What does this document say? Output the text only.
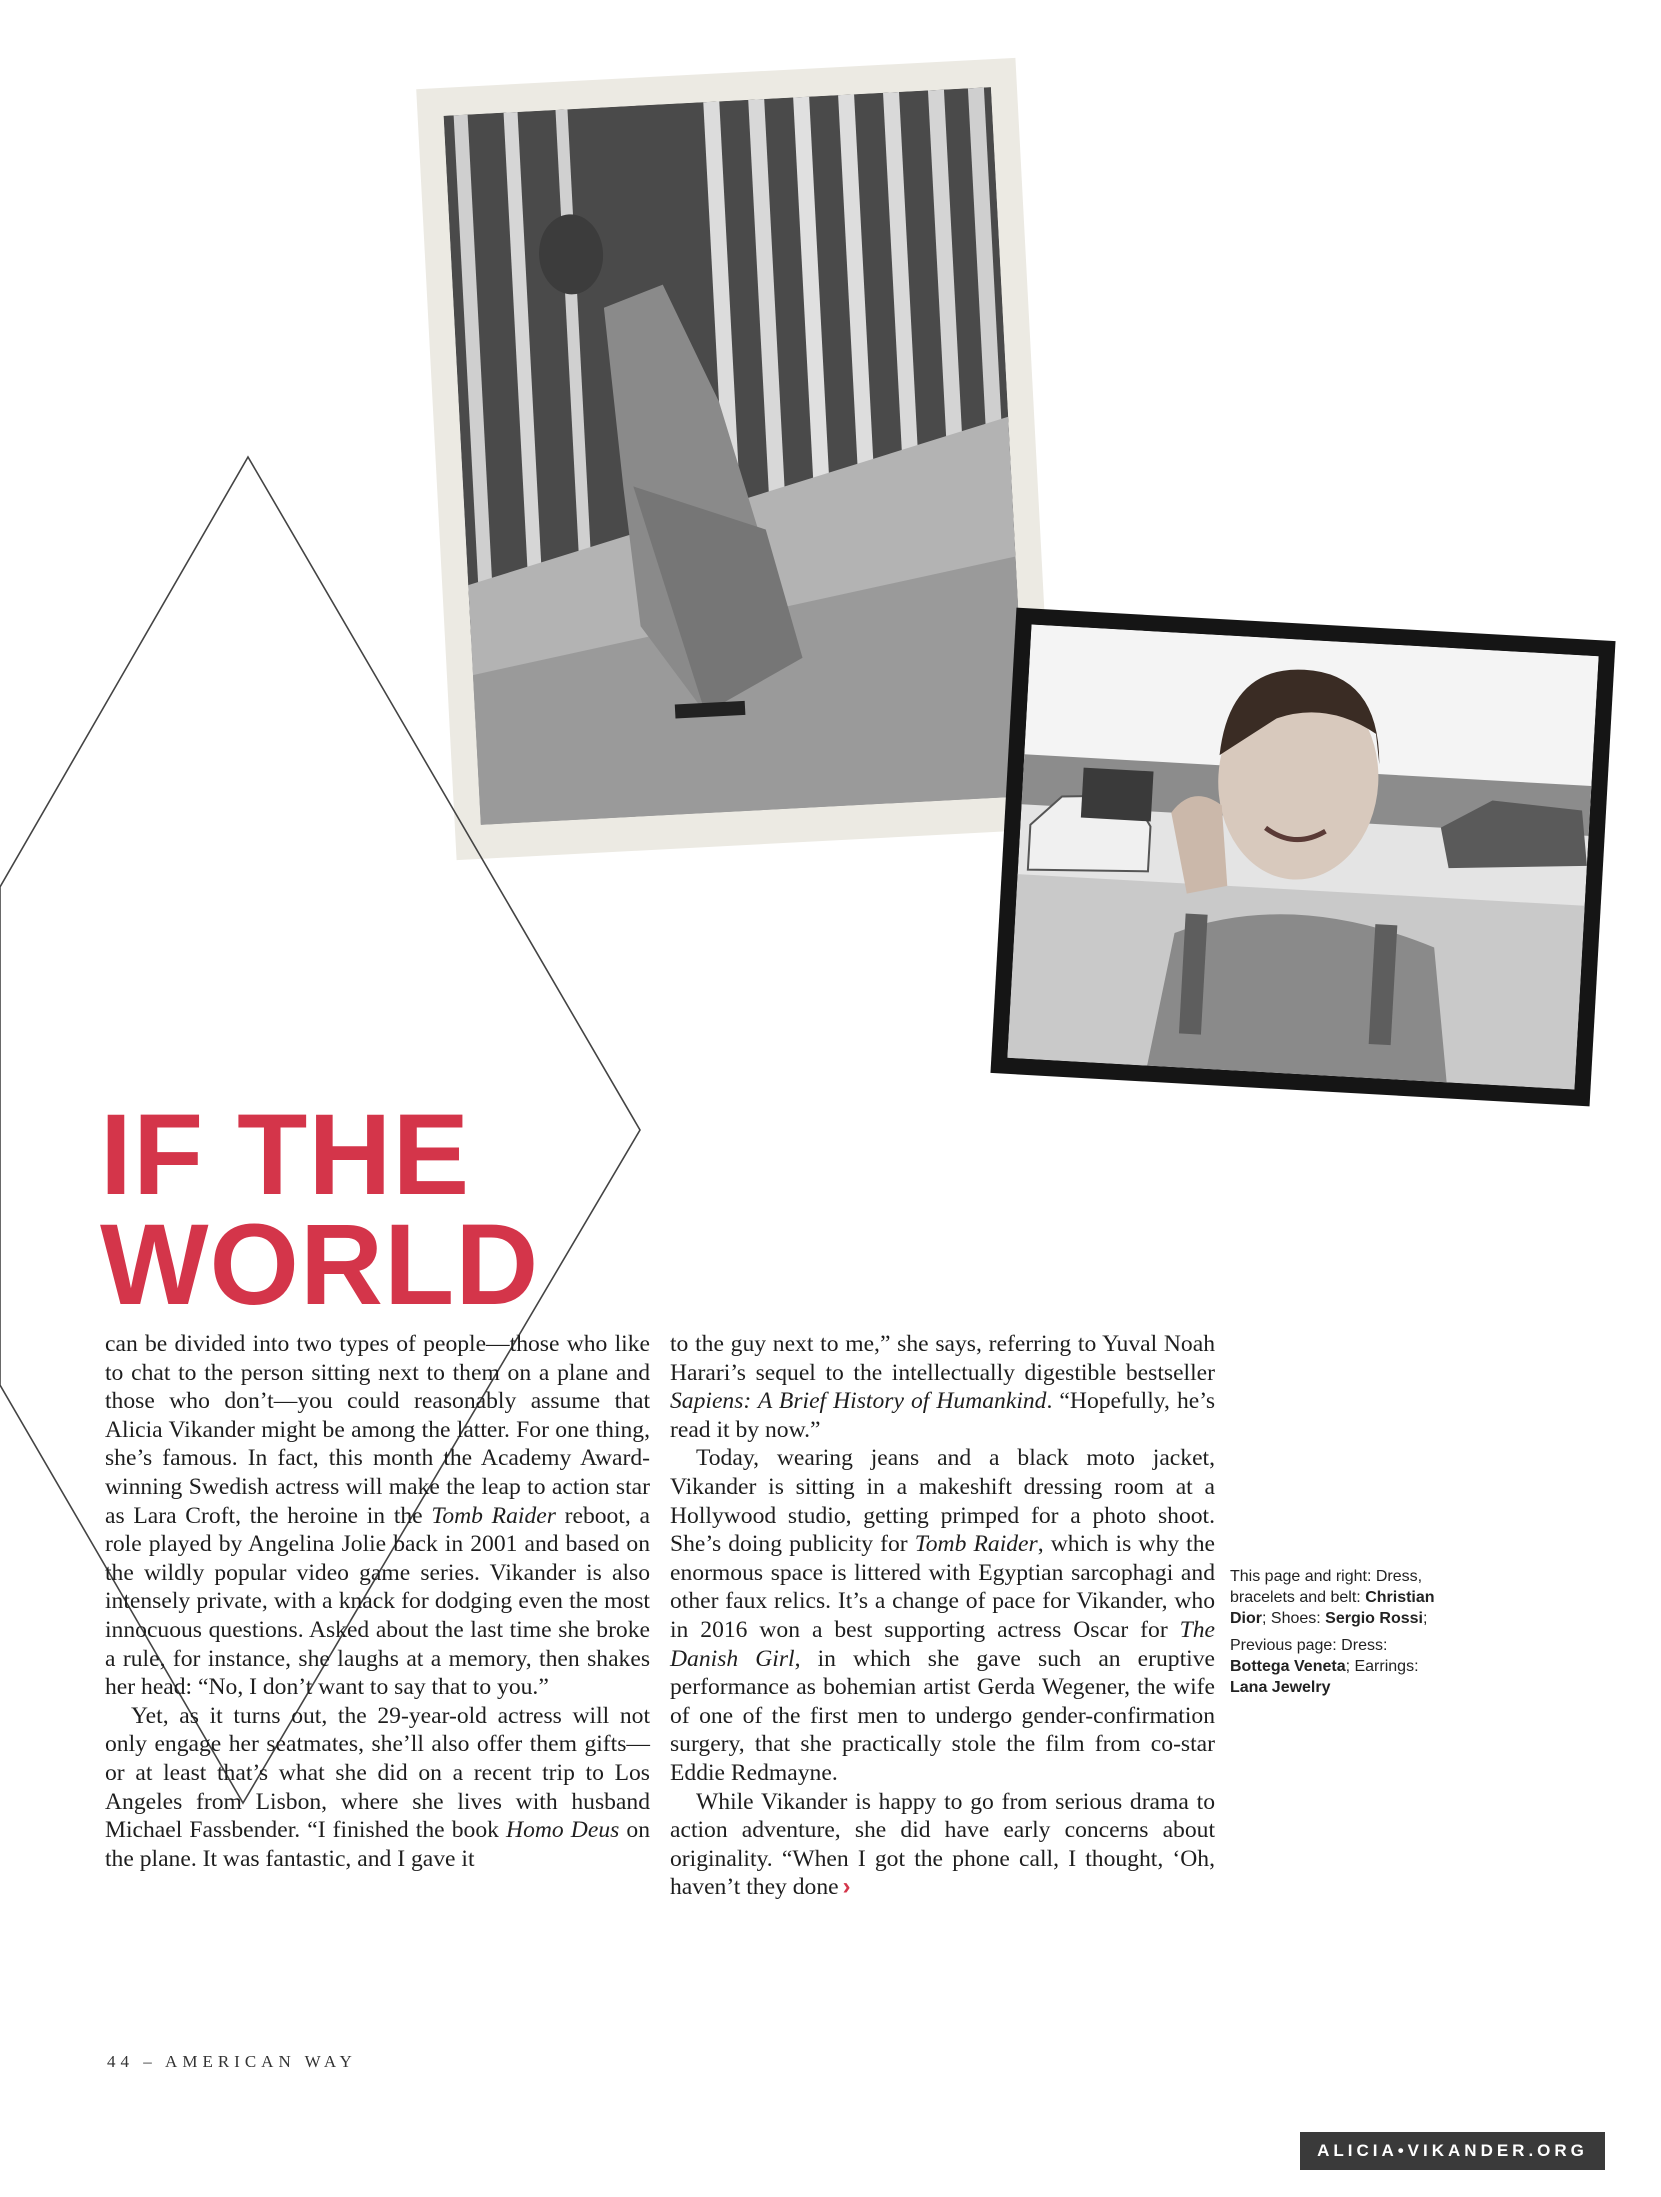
IF THE
WORLD

can be divided into two types of people—those who like to chat to the person sitting next to them on a plane and those who don’t—you could reasonably assume that Alicia Vikander might be among the latter. For one thing, she’s famous. In fact, this month the Academy Award-winning Swedish actress will make the leap to action star as Lara Croft, the heroine in the Tomb Raider reboot, a role played by Angelina Jolie back in 2001 and based on the wildly popular video game series. Vikander is also intensely private, with a knack for dodging even the most innocuous questions. Asked about the last time she broke a rule, for instance, she laughs at a memory, then shakes her head: “No, I don’t want to say that to you.”

Yet, as it turns out, the 29-year-old actress will not only engage her seatmates, she’ll also offer them gifts—or at least that’s what she did on a recent trip to Los Angeles from Lisbon, where she lives with husband Michael Fassbender. “I finished the book Homo Deus on the plane. It was fantastic, and I gave it

to the guy next to me,” she says, referring to Yuval Noah Harari’s sequel to the intellectually digestible bestseller Sapiens: A Brief History of Humankind. “Hopefully, he’s read it by now.”

Today, wearing jeans and a black moto jacket, Vikander is sitting in a makeshift dressing room at a Hollywood studio, getting primped for a photo shoot. She’s doing publicity for Tomb Raider, which is why the enormous space is littered with Egyptian sarcophagi and other faux relics. It’s a change of pace for Vikander, who in 2016 won a best supporting actress Oscar for The Danish Girl, in which she gave such an eruptive performance as bohemian artist Gerda Wegener, the wife of one of the first men to undergo gender-confirmation surgery, that she practically stole the film from co-star Eddie Redmayne.

While Vikander is happy to go from serious drama to action adventure, she did have early concerns about originality. “When I got the phone call, I thought, ‘Oh, haven’t they done ›

This page and right: Dress, bracelets and belt: Christian Dior; Shoes: Sergio Rossi;

Previous page: Dress: Bottega Veneta; Earrings: Lana Jewelry

44 – AMERICAN WAY
ALICIA•VIKANDER.ORG
